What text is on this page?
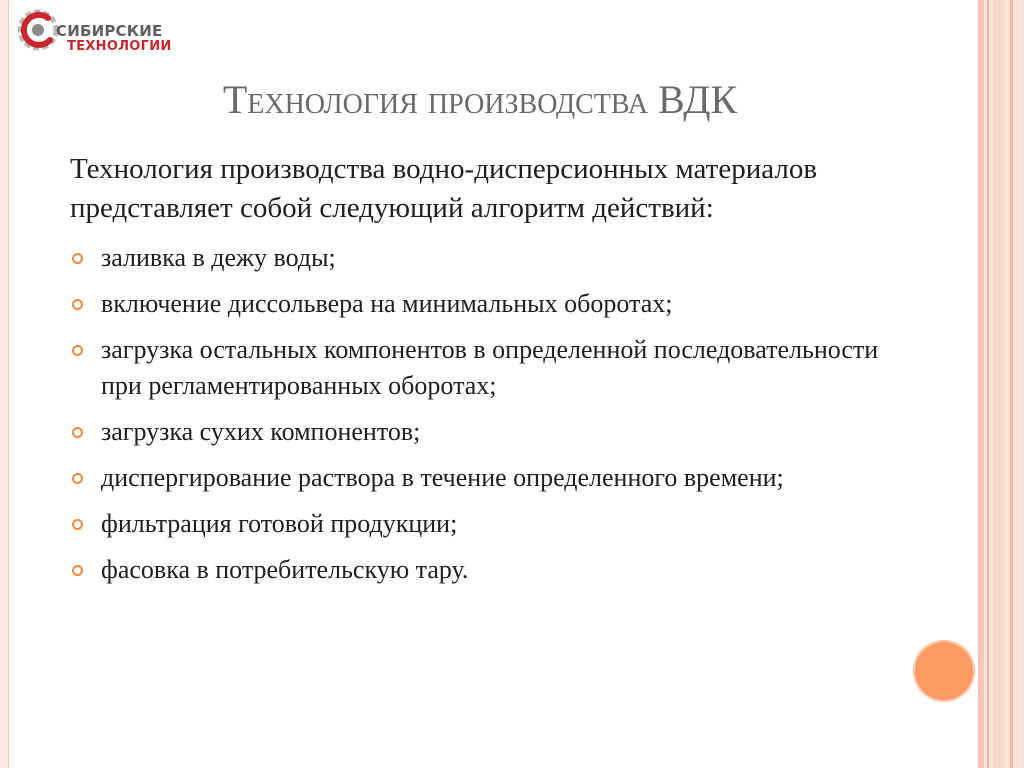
СИБИРСКИЕ
ТЕХНОЛОГИИ
Технология производства ВДК

Технология производства водно-дисперсионных материалов представляет собой следующий алгоритм действий:

заливка в дежу воды;
включение диссольвера на минимальных оборотах;
загрузка остальных компонентов в определенной последовательности при регламентированных оборотах;
загрузка сухих компонентов;
диспергирование раствора в течение определенного времени;
фильтрация готовой продукции;
фасовка в потребительскую тару.
